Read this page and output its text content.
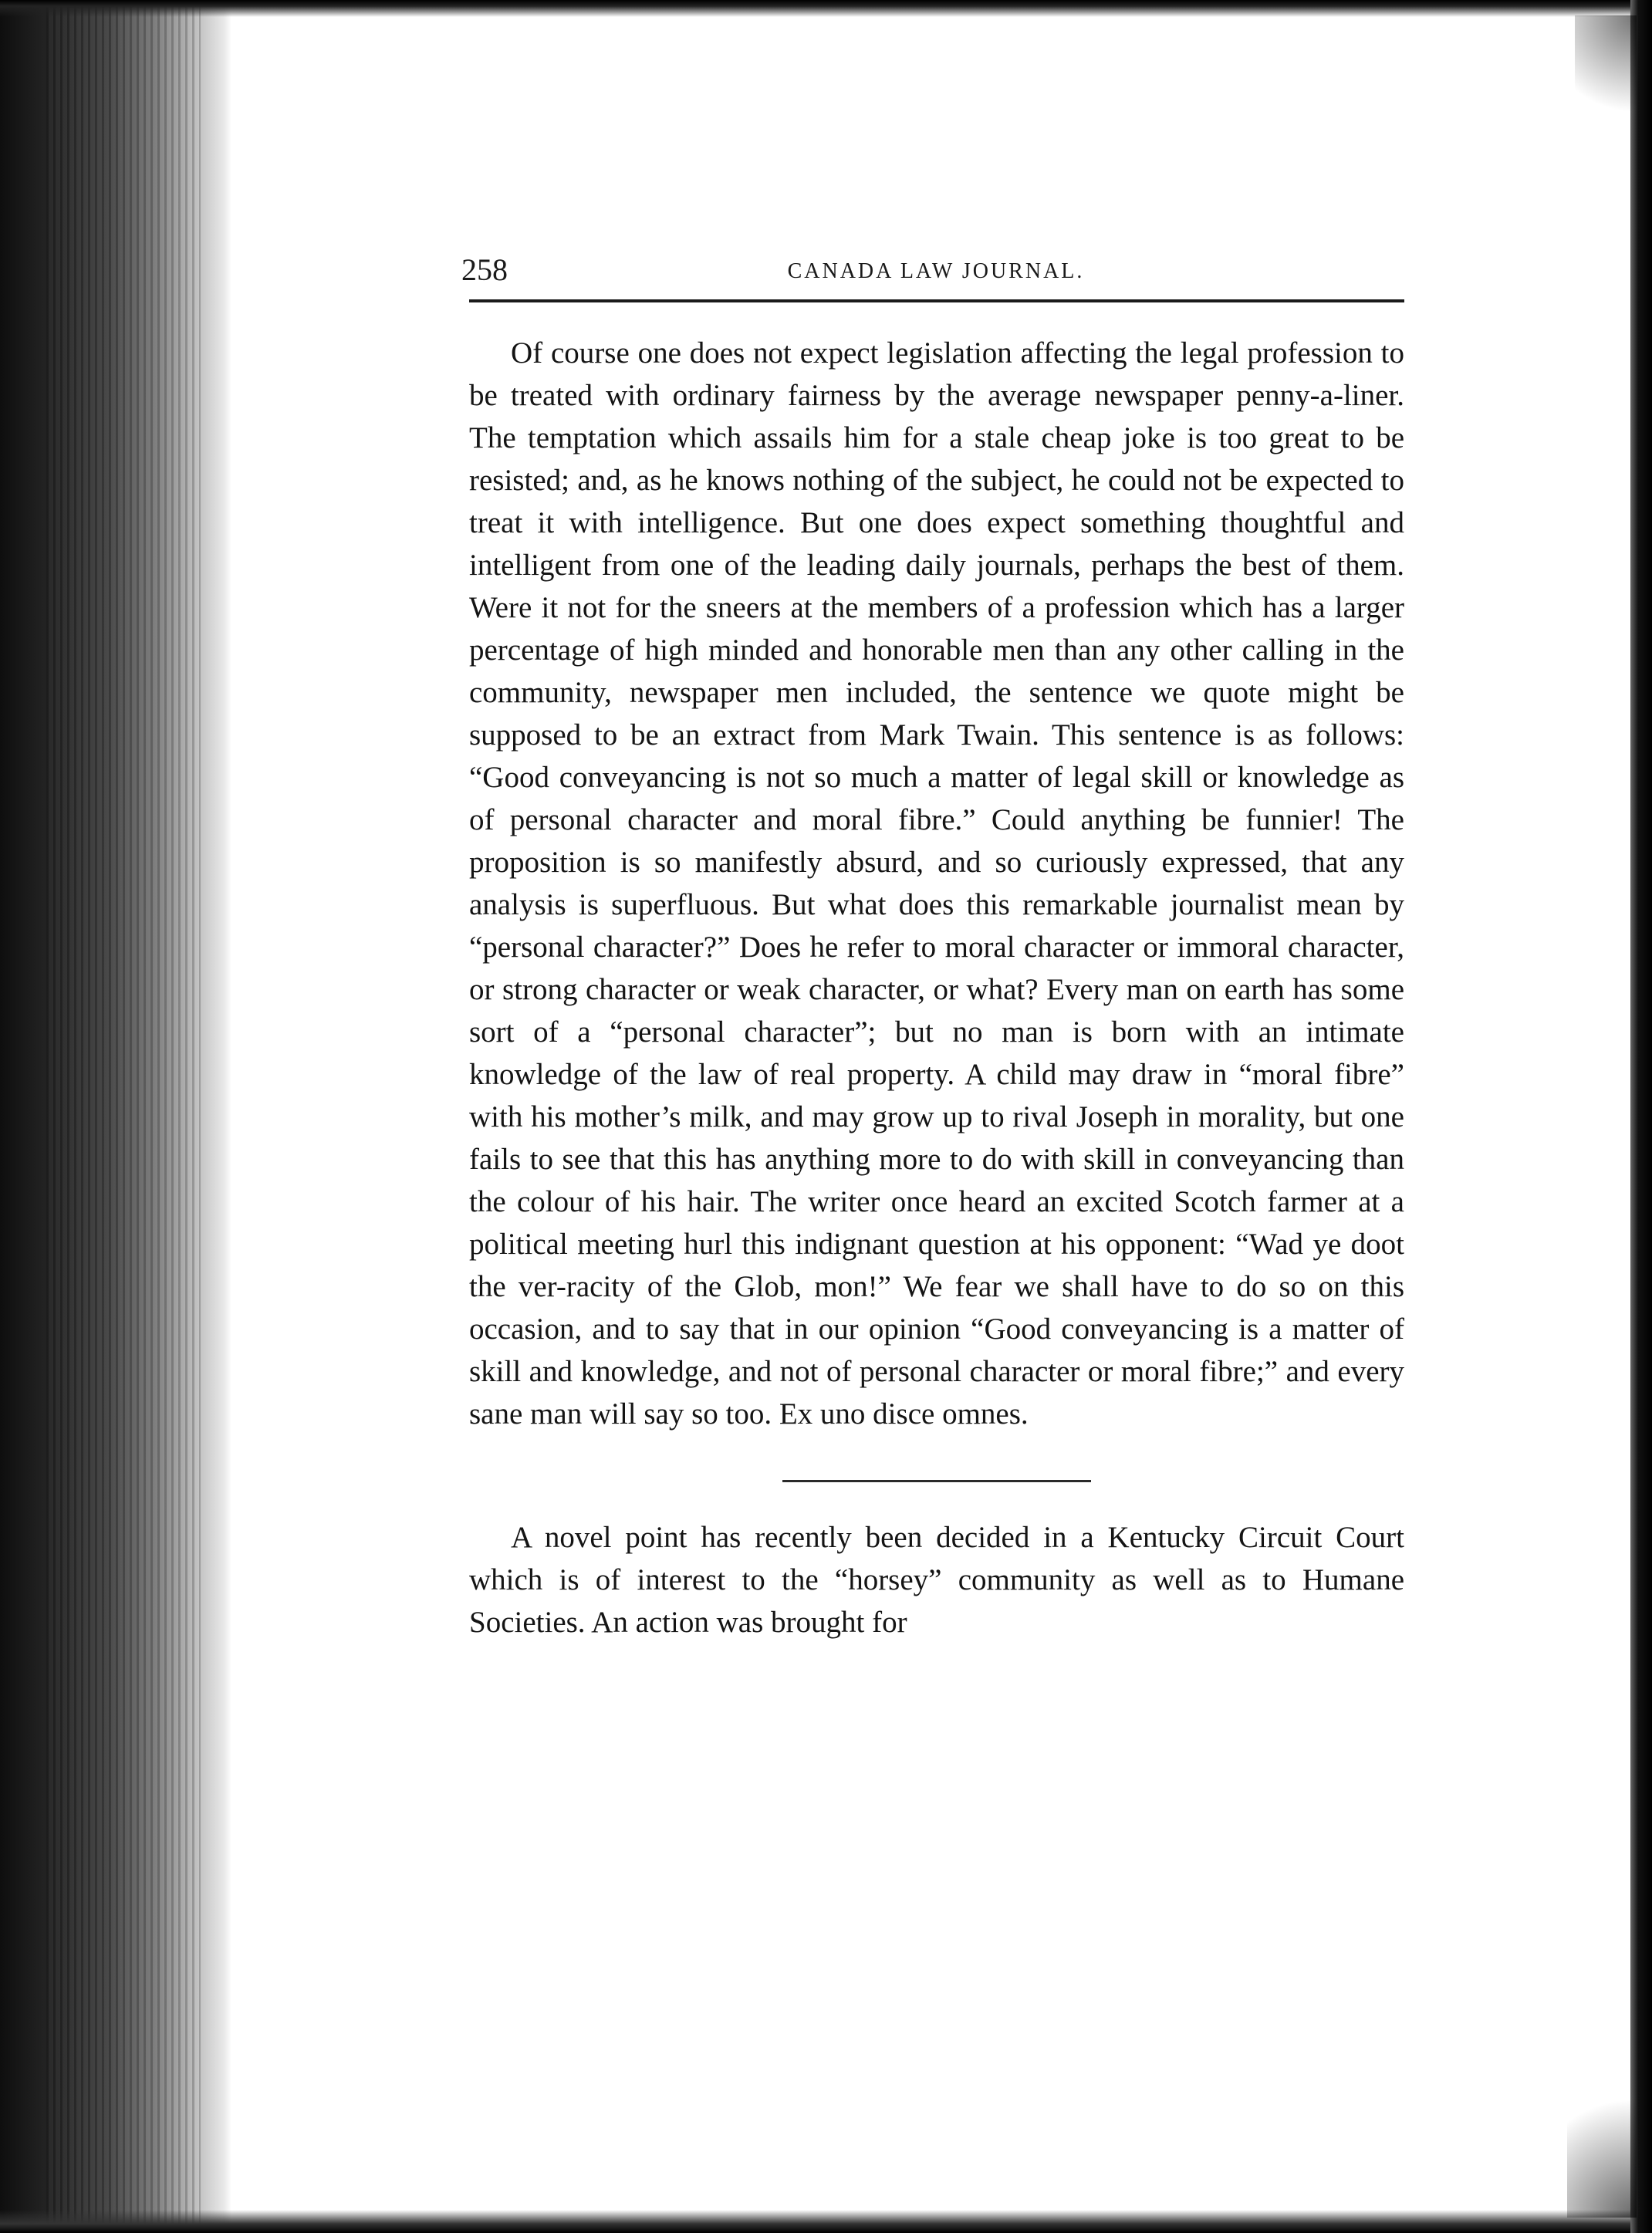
258	CANADA LAW JOURNAL.

Of course one does not expect legislation affecting the legal profession to be treated with ordinary fairness by the average newspaper penny-a-liner. The temptation which assails him for a stale cheap joke is too great to be resisted; and, as he knows nothing of the subject, he could not be expected to treat it with intelligence. But one does expect something thoughtful and intelligent from one of the leading daily journals, perhaps the best of them. Were it not for the sneers at the members of a profession which has a larger percentage of high minded and honorable men than any other calling in the community, newspaper men included, the sentence we quote might be supposed to be an extract from Mark Twain. This sentence is as follows: “Good conveyancing is not so much a matter of legal skill or knowledge as of personal character and moral fibre.” Could anything be funnier! The proposition is so manifestly absurd, and so curiously expressed, that any analysis is superfluous. But what does this remarkable journalist mean by “personal character?” Does he refer to moral character or immoral character, or strong character or weak character, or what? Every man on earth has some sort of a “personal character”; but no man is born with an intimate knowledge of the law of real property. A child may draw in “moral fibre” with his mother’s milk, and may grow up to rival Joseph in morality, but one fails to see that this has anything more to do with skill in conveyancing than the colour of his hair. The writer once heard an excited Scotch farmer at a political meeting hurl this indignant question at his opponent: “Wad ye doot the ver-racity of the Glob, mon!” We fear we shall have to do so on this occasion, and to say that in our opinion “Good conveyancing is a matter of skill and knowledge, and not of personal character or moral fibre;” and every sane man will say so too. Ex uno disce omnes.

A novel point has recently been decided in a Kentucky Circuit Court which is of interest to the “horsey” community as well as to Humane Societies. An action was brought for
